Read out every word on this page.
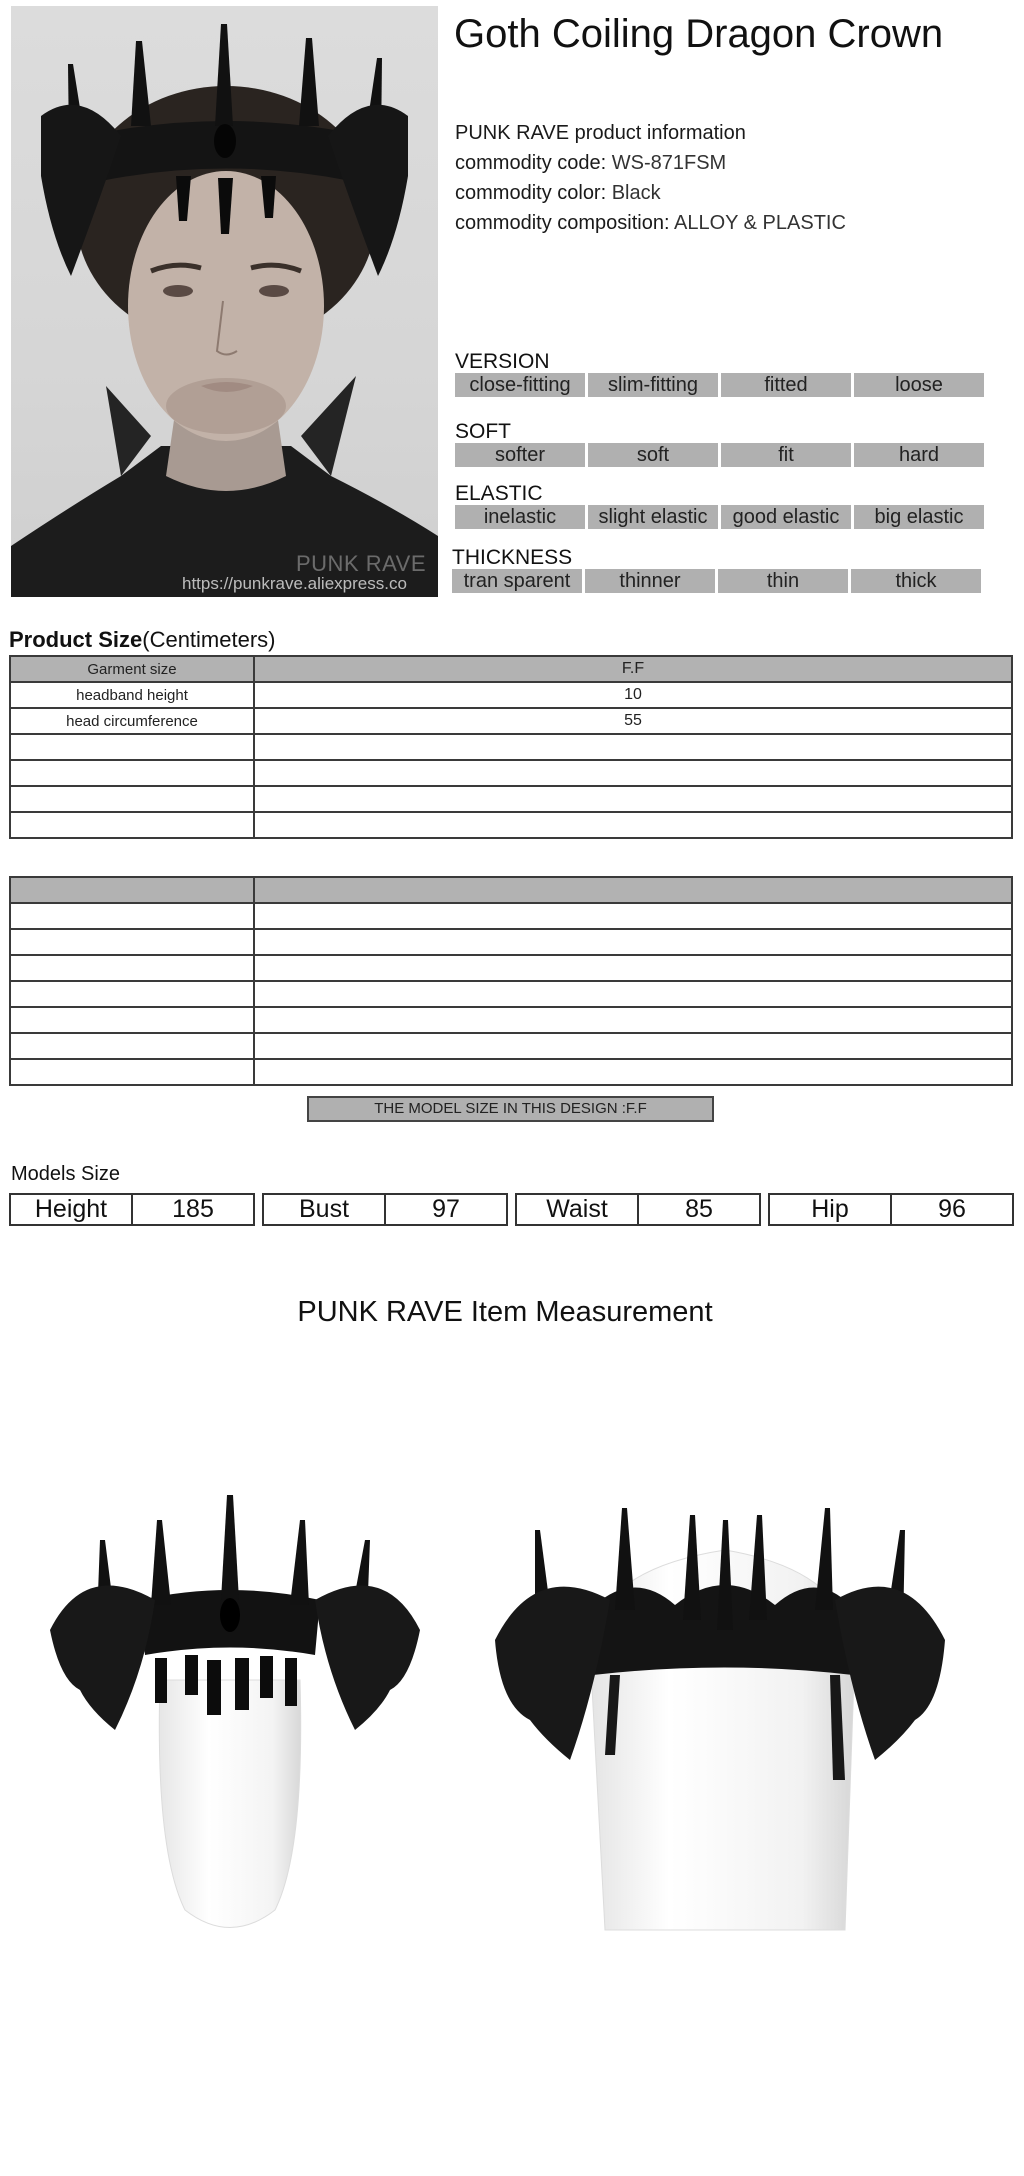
PUNK RAVE
https://punkrave.aliexpress.co
Goth Coiling Dragon Crown
PUNK RAVE product information
commodity code: WS-871FSM
commodity color: Black
commodity composition: ALLOY & PLASTIC
VERSION
close-fitting	slim-fitting	fitted	loose
SOFT
softer	soft	fit	hard
ELASTIC
inelastic	slight elastic	good elastic	big elastic
THICKNESS
tran sparent	thinner	thin	thick
Product Size(Centimeters)
Garment size	F.F
headband height	10
head circumference	55

THE MODEL SIZE IN THIS DESIGN :F.F
Models Size
Height	185	Bust	97	Waist	85	Hip	96
PUNK RAVE Item Measurement
